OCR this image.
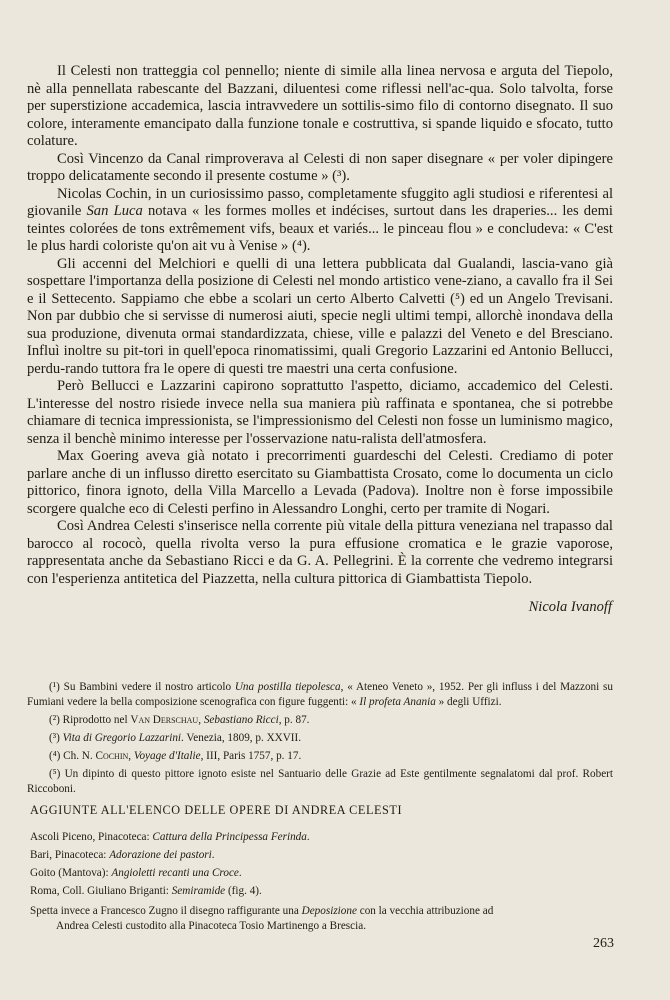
Il Celesti non tratteggia col pennello; niente di simile alla linea nervosa e arguta del Tiepolo, nè alla pennellata rabescante del Bazzani, diluentesi come riflessi nell'ac-qua. Solo talvolta, forse per superstizione accademica, lascia intravvedere un sottilis-simo filo di contorno disegnato. Il suo colore, interamente emancipato dalla funzione tonale e costruttiva, si spande liquido e sfocato, tutto colature.

Così Vincenzo da Canal rimproverava al Celesti di non saper disegnare « per voler dipingere troppo delicatamente secondo il presente costume » (³).

Nicolas Cochin, in un curiosissimo passo, completamente sfuggito agli studiosi e riferentesi al giovanile San Luca notava « les formes molles et indécises, surtout dans les draperies... les demi teintes colorées de tons extrêmement vifs, beaux et variés... le pinceau flou » e concludeva: « C'est le plus hardi coloriste qu'on ait vu à Venise » (⁴).

Gli accenni del Melchiori e quelli di una lettera pubblicata dal Gualandi, lascia-vano già sospettare l'importanza della posizione di Celesti nel mondo artistico vene-ziano, a cavallo fra il Sei e il Settecento. Sappiamo che ebbe a scolari un certo Alberto Calvetti (⁵) ed un Angelo Trevisani. Non par dubbio che si servisse di numerosi aiuti, specie negli ultimi tempi, allorchè inondava della sua produzione, divenuta ormai standardizzata, chiese, ville e palazzi del Veneto e del Bresciano. Influì inoltre su pit-tori in quell'epoca rinomatissimi, quali Gregorio Lazzarini ed Antonio Bellucci, perdu-rando tuttora fra le opere di questi tre maestri una certa confusione.

Però Bellucci e Lazzarini capirono soprattutto l'aspetto, diciamo, accademico del Celesti. L'interesse del nostro risiede invece nella sua maniera più raffinata e spontanea, che si potrebbe chiamare di tecnica impressionista, se l'impressionismo del Celesti non fosse un luminismo magico, senza il benchè minimo interesse per l'osservazione natu-ralista dell'atmosfera.

Max Goering aveva già notato i precorrimenti guardeschi del Celesti. Crediamo di poter parlare anche di un influsso diretto esercitato su Giambattista Crosato, come lo documenta un ciclo pittorico, finora ignoto, della Villa Marcello a Levada (Padova). Inoltre non è forse impossibile scorgere qualche eco di Celesti perfino in Alessandro Longhi, certo per tramite di Nogari.

Così Andrea Celesti s'inserisce nella corrente più vitale della pittura veneziana nel trapasso dal barocco al rococò, quella rivolta verso la pura effusione cromatica e le grazie vaporose, rappresentata anche da Sebastiano Ricci e da G. A. Pellegrini. È la corrente che vedremo integrarsi con l'esperienza antitetica del Piazzetta, nella cultura pittorica di Giambattista Tiepolo.

Nicola Ivanoff

(¹) Su Bambini vedere il nostro articolo Una postilla tiepolesca, « Ateneo Veneto », 1952. Per gli influss i del Mazzoni su Fumiani vedere la bella composizione scenografica con figure fuggenti: « Il profeta Anania » degli Uffizi.

(²) Riprodotto nel Van Derschau, Sebastiano Ricci, p. 87.

(³) Vita di Gregorio Lazzarini. Venezia, 1809, p. XXVII.

(⁴) Ch. N. Cochin, Voyage d'Italie, III, Paris 1757, p. 17.

(⁵) Un dipinto di questo pittore ignoto esiste nel Santuario delle Grazie ad Este gentilmente segnalatomi dal prof. Robert Riccoboni.

AGGIUNTE ALL'ELENCO DELLE OPERE DI ANDREA CELESTI
Ascoli Piceno, Pinacoteca: Cattura della Principessa Ferinda.
Bari, Pinacoteca: Adorazione dei pastori.
Goito (Mantova): Angioletti recanti una Croce.
Roma, Coll. Giuliano Briganti: Semiramide (fig. 4).
Spetta invece a Francesco Zugno il disegno raffigurante una Deposizione con la vecchia attribuzione ad
Andrea Celesti custodito alla Pinacoteca Tosio Martinengo a Brescia.
263
